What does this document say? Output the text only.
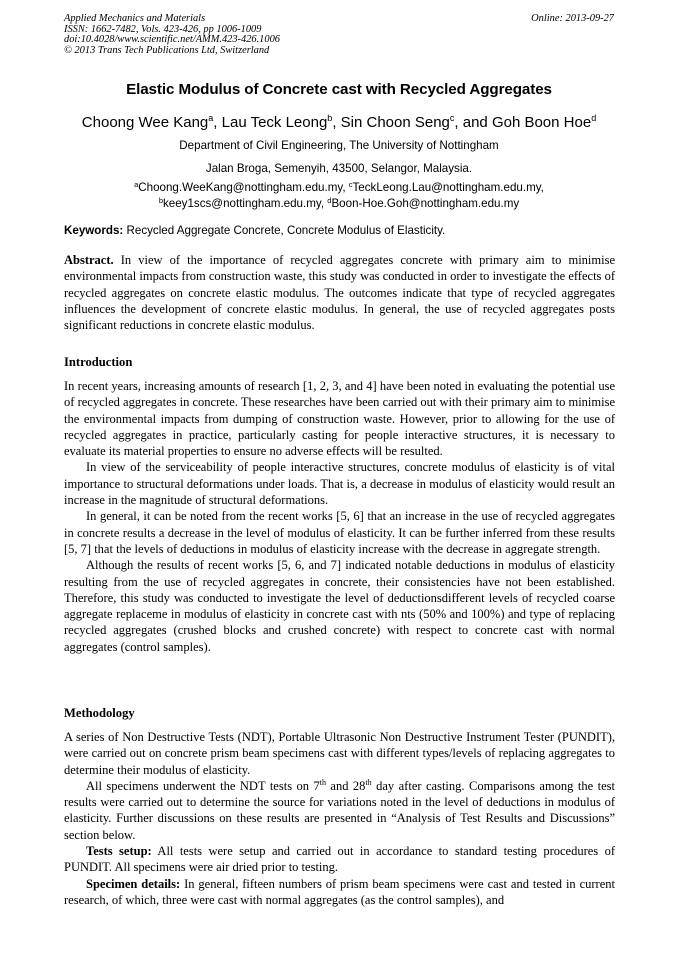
Applied Mechanics and Materials
ISSN: 1662-7482, Vols. 423-426, pp 1006-1009
doi:10.4028/www.scientific.net/AMM.423-426.1006
© 2013 Trans Tech Publications Ltd, Switzerland
Online: 2013-09-27
Elastic Modulus of Concrete cast with Recycled Aggregates
Choong Wee Kang$^a$, Lau Teck Leong$^b$, Sin Choon Seng$^c$, and Goh Boon Hoe$^d$
Department of Civil Engineering, The University of Nottingham
Jalan Broga, Semenyih, 43500, Selangor, Malaysia.
$^a$Choong.WeeKang@nottingham.edu.my, $^c$TeckLeong.Lau@nottingham.edu.my,
$^b$keey1scs@nottingham.edu.my, $^d$Boon-Hoe.Goh@nottingham.edu.my
Keywords: Recycled Aggregate Concrete, Concrete Modulus of Elasticity.

Abstract. In view of the importance of recycled aggregates concrete with primary aim to minimise environmental impacts from construction waste, this study was conducted in order to investigate the effects of recycled aggregates on concrete elastic modulus. The outcomes indicate that type of recycled aggregates influences the development of concrete elastic modulus. In general, the use of recycled aggregates posts significant reductions in concrete elastic modulus.

Introduction

In recent years, increasing amounts of research [1, 2, 3, and 4] have been noted in evaluating the potential use of recycled aggregates in concrete. These researches have been carried out with their primary aim to minimise the environmental impacts from dumping of construction waste. However, prior to allowing for the use of recycled aggregates in practice, particularly casting for people interactive structures, it is necessary to evaluate its material properties to ensure no adverse effects will be resulted.

In view of the serviceability of people interactive structures, concrete modulus of elasticity is of vital importance to structural deformations under loads. That is, a decrease in modulus of elasticity would result an increase in the magnitude of structural deformations.

In general, it can be noted from the recent works [5, 6] that an increase in the use of recycled aggregates in concrete results a decrease in the level of modulus of elasticity. It can be further inferred from these results [5, 7] that the levels of deductions in modulus of elasticity increase with the decrease in aggregate strength.

Although the results of recent works [5, 6, and 7] indicated notable deductions in modulus of elasticity resulting from the use of recycled aggregates in concrete, their consistencies have not been established. Therefore, this study was conducted to investigate the level of deductionsdifferent levels of recycled coarse aggregate replaceme in modulus of elasticity in concrete cast with nts (50% and 100%) and type of replacing recycled aggregates (crushed blocks and crushed concrete) with respect to concrete cast with normal aggregates (control samples).

Methodology

A series of Non Destructive Tests (NDT), Portable Ultrasonic Non Destructive Instrument Tester (PUNDIT), were carried out on concrete prism beam specimens cast with different types/levels of replacing aggregates to determine their modulus of elasticity.

All specimens underwent the NDT tests on 7th and 28th day after casting. Comparisons among the test results were carried out to determine the source for variations noted in the level of deductions in modulus of elasticity. Further discussions on these results are presented in “Analysis of Test Results and Discussions” section below.

Tests setup: All tests were setup and carried out in accordance to standard testing procedures of PUNDIT. All specimens were air dried prior to testing.

Specimen details: In general, fifteen numbers of prism beam specimens were cast and tested in current research, of which, three were cast with normal aggregates (as the control samples), and
